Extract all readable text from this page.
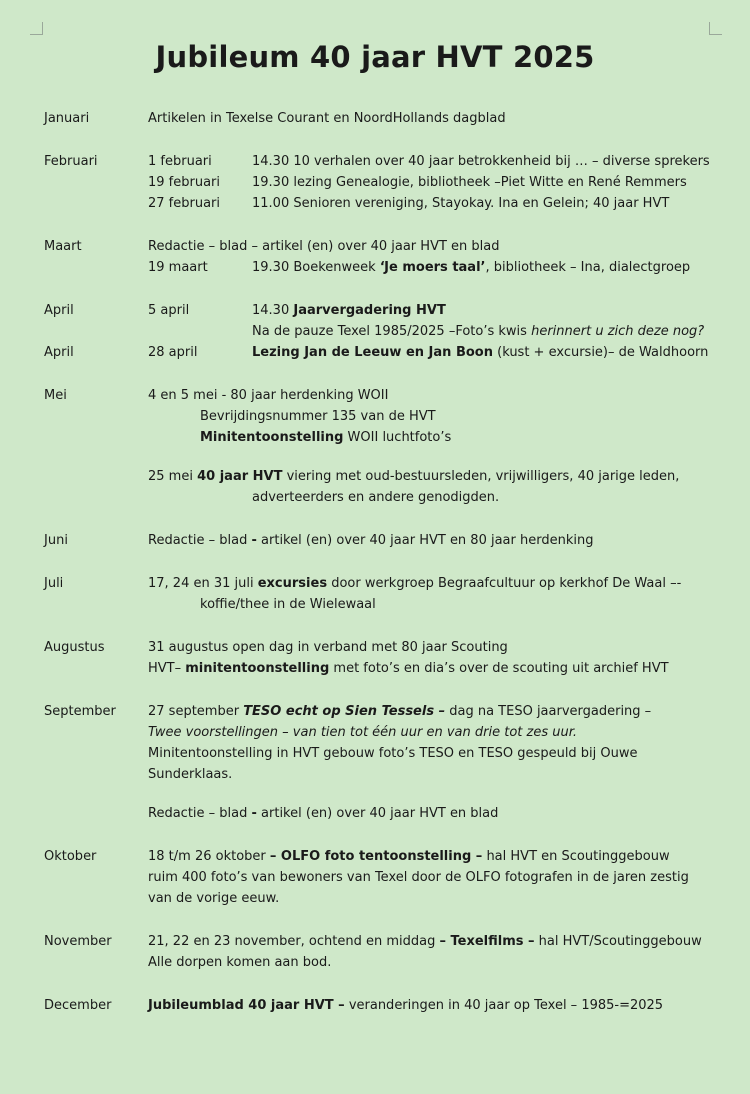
Jubileum 40 jaar HVT 2025
Januari	Artikelen in Texelse Courant en NoordHollands dagblad
Februari	1 februari	14.30 10 verhalen over 40 jaar betrokkenheid bij … – diverse sprekers
19 februari 19.30 lezing Genealogie, bibliotheek –Piet Witte en René Remmers
27 februari 11.00 Senioren vereniging, Stayokay. Ina en Gelein; 40 jaar HVT
Maart	Redactie – blad – artikel (en) over 40 jaar HVT en blad
19 maart	19.30 Boekenweek ‘Je moers taal’, bibliotheek – Ina, dialectgroep
April	5 april	14.30 Jaarvergadering HVT
Na de pauze Texel 1985/2025 –Foto’s kwis herinnert u zich deze nog?
April	28 april	Lezing Jan de Leeuw en Jan Boon (kust + excursie)– de Waldhoorn
Mei	4 en 5 mei - 80 jaar herdenking WOII
Bevrijdingsnummer 135 van de HVT
Minitentoonstelling WOII luchtfoto’s
25 mei 40 jaar HVT viering met oud-bestuursleden, vrijwilligers, 40 jarige leden,
adverteerders en andere genodigden.
Juni	Redactie – blad - artikel (en) over 40 jaar HVT en 80 jaar herdenking
Juli	17, 24 en 31 juli excursies door werkgroep Begraafcultuur op kerkhof De Waal –-
koffie/thee in de Wielewaal
Augustus	31 augustus open dag in verband met 80 jaar Scouting
HVT– minitentoonstelling met foto’s en dia’s over de scouting uit archief HVT
September	27 september TESO echt op Sien Tessels – dag na TESO jaarvergadering –
Twee voorstellingen – van tien tot één uur en van drie tot zes uur.
Minitentoonstelling in HVT gebouw foto’s TESO en TESO gespeuld bij Ouwe
Sunderklaas.
Redactie – blad - artikel (en) over 40 jaar HVT en blad
Oktober	18 t/m 26 oktober – OLFO foto tentoonstelling – hal HVT en Scoutinggebouw
ruim 400 foto’s van bewoners van Texel door de OLFO fotografen in de jaren zestig
van de vorige eeuw.
November	21, 22 en 23 november, ochtend en middag – Texelfilms – hal HVT/Scoutinggebouw
Alle dorpen komen aan bod.
December	Jubileumblad 40 jaar HVT – veranderingen in 40 jaar op Texel – 1985-=2025
